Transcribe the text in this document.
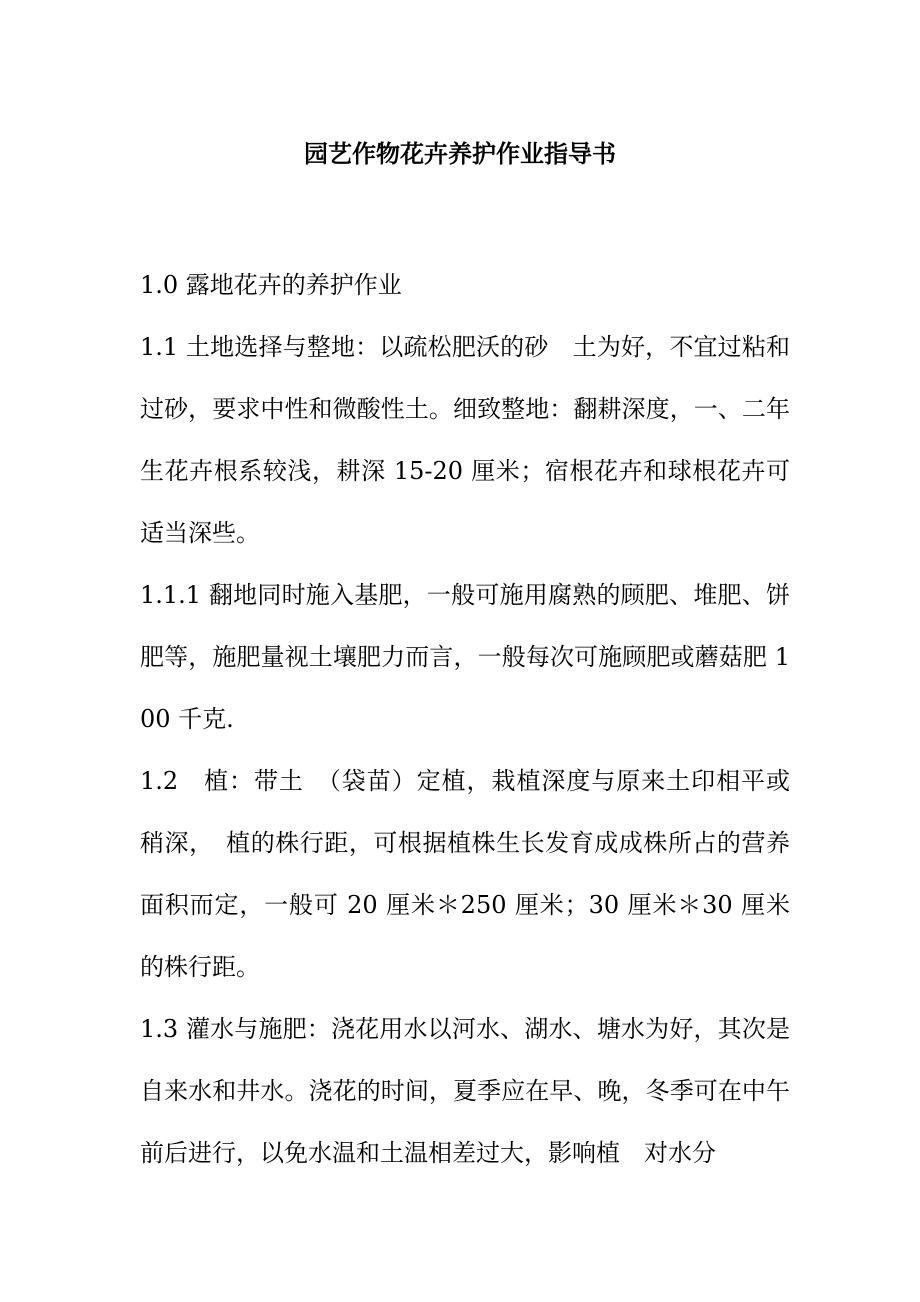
园艺作物花卉养护作业指导书

1.0 露地花卉的养护作业

1.1 土地选择与整地：以疏松肥沃的砂　土为好，不宜过粘和过砂，要求中性和微酸性土。细致整地：翻耕深度，一、二年生花卉根系较浅，耕深 15-20 厘米；宿根花卉和球根花卉可适当深些。

1.1.1 翻地同时施入基肥，一般可施用腐熟的顾肥、堆肥、饼肥等，施肥量视土壤肥力而言，一般每次可施顾肥或蘑菇肥 100 千克.

1.2　植：带土　（袋苗）定植，栽植深度与原来土印相平或稍深，　植的株行距，可根据植株生长发育成成株所占的营养面积而定，一般可 20 厘米＊250 厘米；30 厘米＊30 厘米的株行距。

1.3 灌水与施肥：浇花用水以河水、湖水、塘水为好，其次是自来水和井水。浇花的时间，夏季应在早、晚，冬季可在中午前后进行，以免水温和土温相差过大，影响植　对水分
